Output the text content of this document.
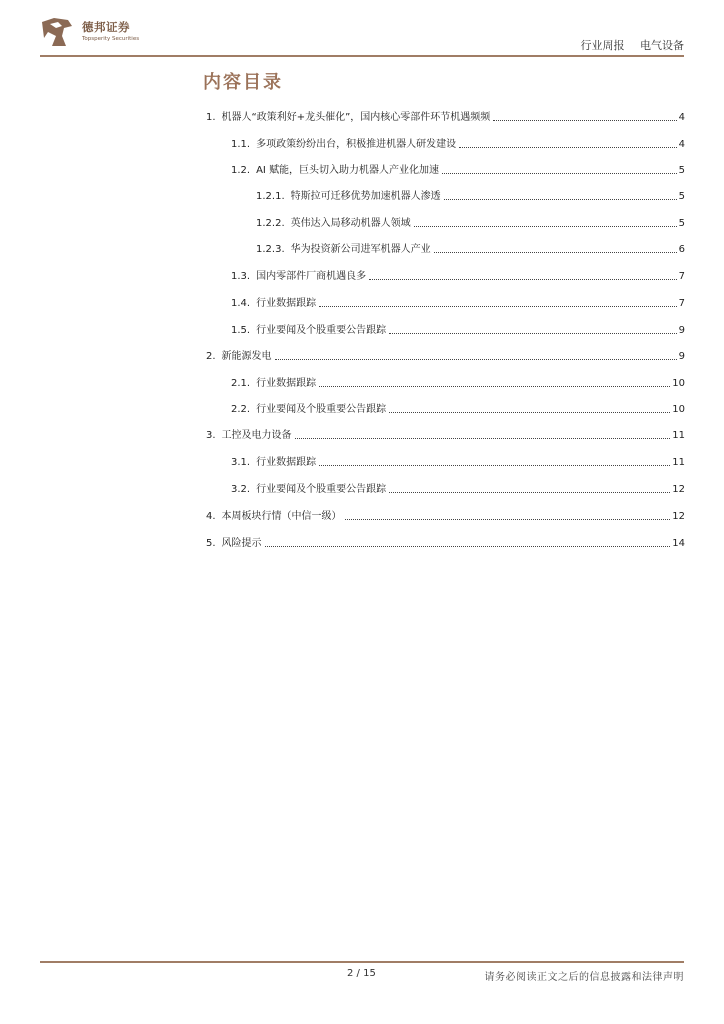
德邦证券
Topsperity Securities	行业周报 电气设备
内容目录
1. 机器人“政策利好+龙头催化”，国内核心零部件环节机遇频频	4
1.1. 多项政策纷纷出台，积极推进机器人研发建设	4
1.2. AI 赋能，巨头切入助力机器人产业化加速	5
1.2.1. 特斯拉可迁移优势加速机器人渗透	5
1.2.2. 英伟达入局移动机器人领域	5
1.2.3. 华为投资新公司进军机器人产业	6
1.3. 国内零部件厂商机遇良多	7
1.4. 行业数据跟踪	7
1.5. 行业要闻及个股重要公告跟踪	9
2. 新能源发电	9
2.1. 行业数据跟踪	10
2.2. 行业要闻及个股重要公告跟踪	10
3. 工控及电力设备	11
3.1. 行业数据跟踪	11
3.2. 行业要闻及个股重要公告跟踪	12
4. 本周板块行情（中信一级）	12
5. 风险提示	14
2 / 15	请务必阅读正文之后的信息披露和法律声明
